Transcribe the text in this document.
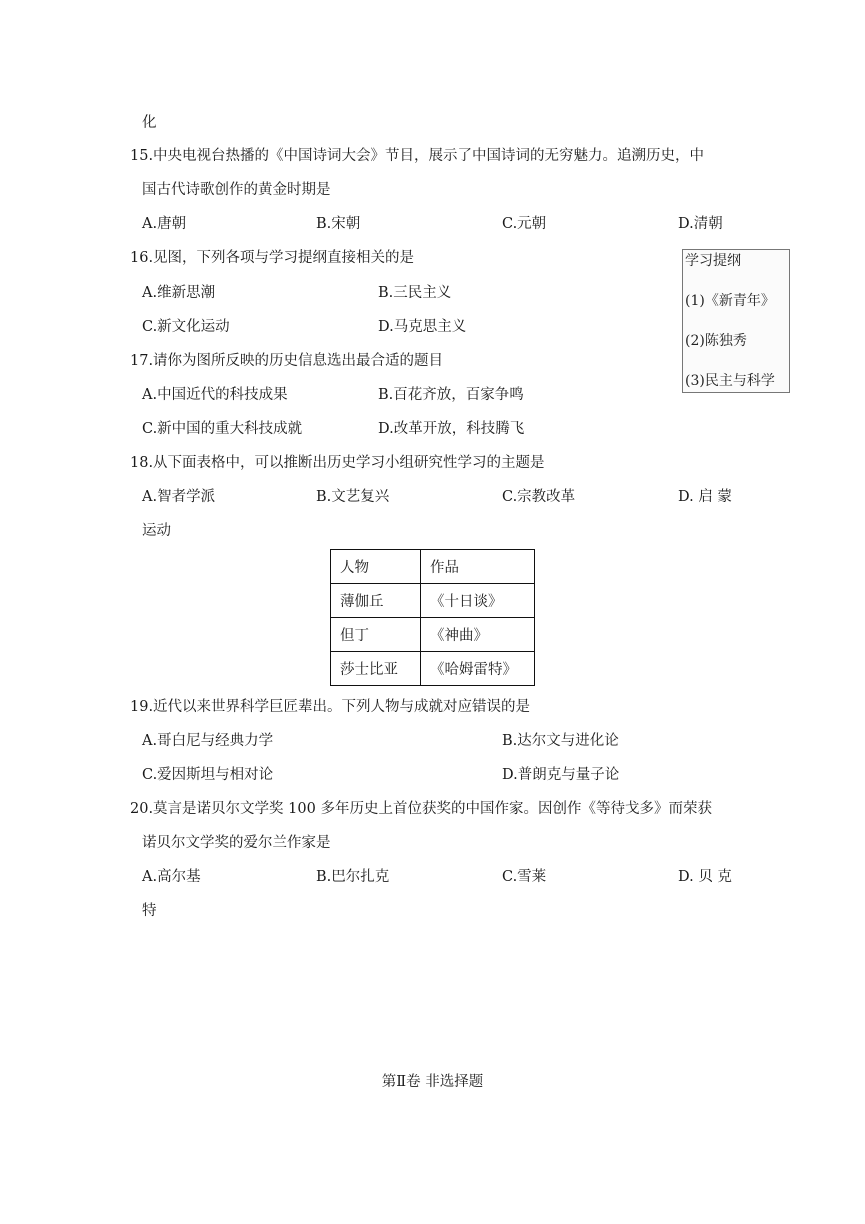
化
15.中央电视台热播的《中国诗词大会》节目，展示了中国诗词的无穷魅力。追溯历史，中
国古代诗歌创作的黄金时期是
A.唐朝	B.宋朝	C.元朝	D.清朝
16.见图，下列各项与学习提纲直接相关的是
A.维新思潮	B.三民主义
C.新文化运动	D.马克思主义
学习提纲
(1)《新青年》
(2)陈独秀
(3)民主与科学
17.请你为图所反映的历史信息选出最合适的题目
A.中国近代的科技成果	B.百花齐放，百家争鸣
C.新中国的重大科技成就	D.改革开放，科技腾飞
18.从下面表格中，可以推断出历史学习小组研究性学习的主题是
A.智者学派	B.文艺复兴	C.宗教改革	D. 启 蒙
运动
人物	作品
薄伽丘	《十日谈》
但丁	《神曲》
莎士比亚	《哈姆雷特》
19.近代以来世界科学巨匠辈出。下列人物与成就对应错误的是
A.哥白尼与经典力学	B.达尔文与进化论
C.爱因斯坦与相对论	D.普朗克与量子论
20.莫言是诺贝尔文学奖 100 多年历史上首位获奖的中国作家。因创作《等待戈多》而荣获
诺贝尔文学奖的爱尔兰作家是
A.高尔基	B.巴尔扎克	C.雪莱	D. 贝 克
特
第Ⅱ卷 非选择题
